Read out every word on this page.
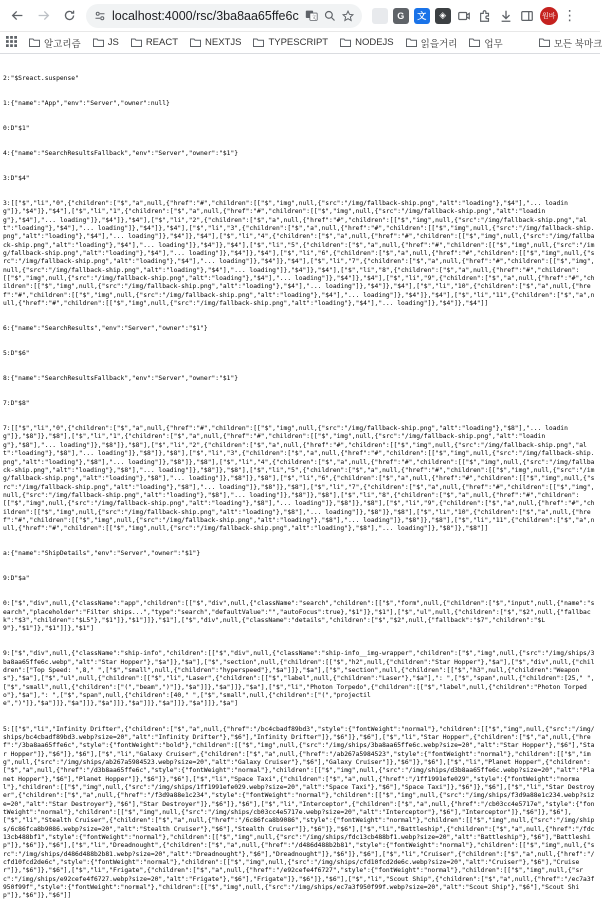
localhost:4000/rsc/3ba8aa65ffe6c 文	G	文	◈	원바 ⋮
알고리즘	JS	REACT	NEXTJS	TYPESCRIPT	NODEJS	읽을거리	업무	모든 북마크

2:"$Sreact.suspense"

1:{"name":"App","env":"Server","owner":null}

0:D"$1"

4:{"name":"SearchResultsFallback","env":"Server","owner":"$1"}

3:D"$4"

3:[["$","li","0",{"children":["$","a",null,{"href":"#","children":[["$","img",null,{"src":"/img/fallback-ship.png","alt":"loading"},"$4"],"... loading"]},"$4"]},"$4"],["$","li","1",{"children":["$","a",null,{"href":"#","children":[["$","img",null,{"src":"/img/fallback-ship.png","alt":"loading"},"$4"],"... loading"]},"$4"]},"$4"],["$","li","2",{"children":["$","a",null,{"href":"#","children":[["$","img",null,{"src":"/img/fallback-ship.png","alt":"loading"},"$4"],"... loading"]},"$4"]},"$4"],["$","li","3",{"children":["$","a",null,{"href":"#","children":[["$","img",null,{"src":"/img/fallback-ship.png","alt":"loading"},"$4"],"... loading"]},"$4"]},"$4"],["$","li","4",{"children":["$","a",null,{"href":"#","children":[["$","img",null,{"src":"/img/fallback-ship.png","alt":"loading"},"$4"],"... loading"]},"$4"]},"$4"],["$","li","5",{"children":["$","a",null,{"href":"#","children":[["$","img",null,{"src":"/img/fallback-ship.png","alt":"loading"},"$4"],"... loading"]},"$4"]},"$4"],["$","li","6",{"children":["$","a",null,{"href":"#","children":[["$","img",null,{"src":"/img/fallback-ship.png","alt":"loading"},"$4"],"... loading"]},"$4"]},"$4"],["$","li","7",{"children":["$","a",null,{"href":"#","children":[["$","img",null,{"src":"/img/fallback-ship.png","alt":"loading"},"$4"],"... loading"]},"$4"]},"$4"],["$","li","8",{"children":["$","a",null,{"href":"#","children":[["$","img",null,{"src":"/img/fallback-ship.png","alt":"loading"},"$4"],"... loading"]},"$4"]},"$4"],["$","li","9",{"children":["$","a",null,{"href":"#","children":[["$","img",null,{"src":"/img/fallback-ship.png","alt":"loading"},"$4"],"... loading"]},"$4"]},"$4"],["$","li","10",{"children":["$","a",null,{"href":"#","children":[["$","img",null,{"src":"/img/fallback-ship.png","alt":"loading"},"$4"],"... loading"]},"$4"]},"$4"],["$","li","11",{"children":["$","a",null,{"href":"#","children":[["$","img",null,{"src":"/img/fallback-ship.png","alt":"loading"},"$4"],"... loading"]},"$4"]},"$4"]]

6:{"name":"SearchResults","env":"Server","owner":"$1"}

5:D"$6"

8:{"name":"SearchResultsFallback","env":"Server","owner":"$1"}

7:D"$8"

7:[["$","li","0",{"children":["$","a",null,{"href":"#","children":[["$","img",null,{"src":"/img/fallback-ship.png","alt":"loading"},"$8"],"... loading"]},"$8"]},"$8"],["$","li","1",{"children":["$","a",null,{"href":"#","children":[["$","img",null,{"src":"/img/fallback-ship.png","alt":"loading"},"$8"],"... loading"]},"$8"]},"$8"],["$","li","2",{"children":["$","a",null,{"href":"#","children":[["$","img",null,{"src":"/img/fallback-ship.png","alt":"loading"},"$8"],"... loading"]},"$8"]},"$8"],["$","li","3",{"children":["$","a",null,{"href":"#","children":[["$","img",null,{"src":"/img/fallback-ship.png","alt":"loading"},"$8"],"... loading"]},"$8"]},"$8"],["$","li","4",{"children":["$","a",null,{"href":"#","children":[["$","img",null,{"src":"/img/fallback-ship.png","alt":"loading"},"$8"],"... loading"]},"$8"]},"$8"],["$","li","5",{"children":["$","a",null,{"href":"#","children":[["$","img",null,{"src":"/img/fallback-ship.png","alt":"loading"},"$8"],"... loading"]},"$8"]},"$8"],["$","li","6",{"children":["$","a",null,{"href":"#","children":[["$","img",null,{"src":"/img/fallback-ship.png","alt":"loading"},"$8"],"... loading"]},"$8"]},"$8"],["$","li","7",{"children":["$","a",null,{"href":"#","children":[["$","img",null,{"src":"/img/fallback-ship.png","alt":"loading"},"$8"],"... loading"]},"$8"]},"$8"],["$","li","8",{"children":["$","a",null,{"href":"#","children":[["$","img",null,{"src":"/img/fallback-ship.png","alt":"loading"},"$8"],"... loading"]},"$8"]},"$8"],["$","li","9",{"children":["$","a",null,{"href":"#","children":[["$","img",null,{"src":"/img/fallback-ship.png","alt":"loading"},"$8"],"... loading"]},"$8"]},"$8"],["$","li","10",{"children":["$","a",null,{"href":"#","children":[["$","img",null,{"src":"/img/fallback-ship.png","alt":"loading"},"$8"],"... loading"]},"$8"]},"$8"],["$","li","11",{"children":["$","a",null,{"href":"#","children":[["$","img",null,{"src":"/img/fallback-ship.png","alt":"loading"},"$8"],"... loading"]},"$8"]},"$8"]]

a:{"name":"ShipDetails","env":"Server","owner":"$1"}

9:D"$a"

0:["$","div",null,{"className":"app","children":[["$","div",null,{"className":"search","children":[["$","form",null,{"children":["$","input",null,{"name":"search","placeholder":"Filter ships...","type":"search","defaultValue":"","autoFocus":true},"$1"]},"$1"],["$","ul",null,{"children":["$","$2",null,{"fallback":"$3","children":"$L5"},"$1"]},"$1"]]},"$1"],["$","div",null,{"className":"details","children":["$","$2",null,{"fallback":"$7","children":"$L9"},"$1"]},"$1"]]},"$1"]

9:["$","div",null,{"className":"ship-info","children":[["$","div",null,{"className":"ship-info__img-wrapper","children":["$","img",null,{"src":"/img/ships/3ba8aa65ffe6c.webp","alt":"Star Hopper"},"$a"]},"$a"],["$","section",null,{"children":[["$","h2",null,{"children":"Star Hopper"},"$a"],["$","div",null,{"children":["Top Speed: ",8," ",["$","small",null,{"children":"hyperspeed"},"$a"]]},"$a"],["$","section",null,{"children":[["$","h3",null,{"children":"Weapons"},"$a"],["$","ul",null,{"children":[["$","li","Laser",{"children":[["$","label",null,{"children":"Laser"},"$a"],": ",["$","span",null,{"children":[25," ",["$","small",null,{"children":["(","beam",")"]},"$a"]]},"$a"]]},"$a"],["$","li","Photon Torpedo",{"children":[["$","label",null,{"children":"Photon Torpedo"},"$a"],": ",["$","span",null,{"children":[40," ",["$","small",null,{"children":["(","projectile",")"]},"$a"]]},"$a"]]},"$a"]]},"$a"]]},"$a"]]},"$a"]]},"$a"]

5:[["$","li","Infinity Drifter",{"children":["$","a",null,{"href":"/bc4cbadf89bd3","style":{"fontWeight":"normal"},"children":[["$","img",null,{"src":"/img/ships/bc4cbadf89bd3.webp?size=20","alt":"Infinity Drifter"},"$6"],"Infinity Drifter"]},"$6"]},"$6"],["$","li","Star Hopper",{"children":["$","a",null,{"href":"/3ba8aa65ffe6c","style":{"fontWeight":"bold"},"children":[["$","img",null,{"src":"/img/ships/3ba8aa65ffe6c.webp?size=20","alt":"Star Hopper"},"$6"],"Star Hopper"]},"$6"]},"$6"],["$","li","Galaxy Cruiser",{"children":["$","a",null,{"href":"/ab267a5984523","style":{"fontWeight":"normal"},"children":[["$","img",null,{"src":"/img/ships/ab267a5984523.webp?size=20","alt":"Galaxy Cruiser"},"$6"],"Galaxy Cruiser"]},"$6"]},"$6"],["$","li","Planet Hopper",{"children":["$","a",null,{"href":"/d3b8aa65ffe6c","style":{"fontWeight":"normal"},"children":[["$","img",null,{"src":"/img/ships/d3b8aa65ffe6c.webp?size=20","alt":"Planet Hopper"},"$6"],"Planet Hopper"]},"$6"]},"$6"],["$","li","Space Taxi",{"children":["$","a",null,{"href":"/1ff1991efe029","style":{"fontWeight":"normal"},"children":[["$","img",null,{"src":"/img/ships/1ff1991efe029.webp?size=20","alt":"Space Taxi"},"$6"],"Space Taxi"]},"$6"]},"$6"],["$","li","Star Destroyer",{"children":["$","a",null,{"href":"/f3d9a88e1c234","style":{"fontWeight":"normal"},"children":[["$","img",null,{"src":"/img/ships/f3d9a88e1c234.webp?size=20","alt":"Star Destroyer"},"$6"],"Star Destroyer"]},"$6"]},"$6"],["$","li","Interceptor",{"children":["$","a",null,{"href":"/cb03cc4e5717e","style":{"fontWeight":"normal"},"children":[["$","img",null,{"src":"/img/ships/cb03cc4e5717e.webp?size=20","alt":"Interceptor"},"$6"],"Interceptor"]},"$6"]},"$6"],["$","li","Stealth Cruiser",{"children":["$","a",null,{"href":"/6c86fca8b9086","style":{"fontWeight":"normal"},"children":[["$","img",null,{"src":"/img/ships/6c86fca8b9086.webp?size=20","alt":"Stealth Cruiser"},"$6"],"Stealth Cruiser"]},"$6"]},"$6"],["$","li","Battleship",{"children":["$","a",null,{"href":"/fdc13cb488bf1","style":{"fontWeight":"normal"},"children":[["$","img",null,{"src":"/img/ships/fdc13cb488bf1.webp?size=20","alt":"Battleship"},"$6"],"Battleship"]},"$6"]},"$6"],["$","li","Dreadnought",{"children":["$","a",null,{"href":"/d486d488b2b81","style":{"fontWeight":"normal"},"children":[["$","img",null,{"src":"/img/ships/d486d488b2b81.webp?size=20","alt":"Dreadnought"},"$6"],"Dreadnought"]},"$6"]},"$6"],["$","li","Cruiser",{"children":["$","a",null,{"href":"/cfd10fcd2de6c","style":{"fontWeight":"normal"},"children":[["$","img",null,{"src":"/img/ships/cfd10fcd2de6c.webp?size=20","alt":"Cruiser"},"$6"],"Cruiser"]},"$6"]},"$6"],["$","li","Frigate",{"children":["$","a",null,{"href":"/e92cefe4f6727","style":{"fontWeight":"normal"},"children":[["$","img",null,{"src":"/img/ships/e92cefe4f6727.webp?size=20","alt":"Frigate"},"$6"],"Frigate"]},"$6"]},"$6"],["$","li","Scout Ship",{"children":["$","a",null,{"href":"/ec7a3f950f99f","style":{"fontWeight":"normal"},"children":[["$","img",null,{"src":"/img/ships/ec7a3f950f99f.webp?size=20","alt":"Scout Ship"},"$6"],"Scout Ship"]},"$6"]},"$6"]]
